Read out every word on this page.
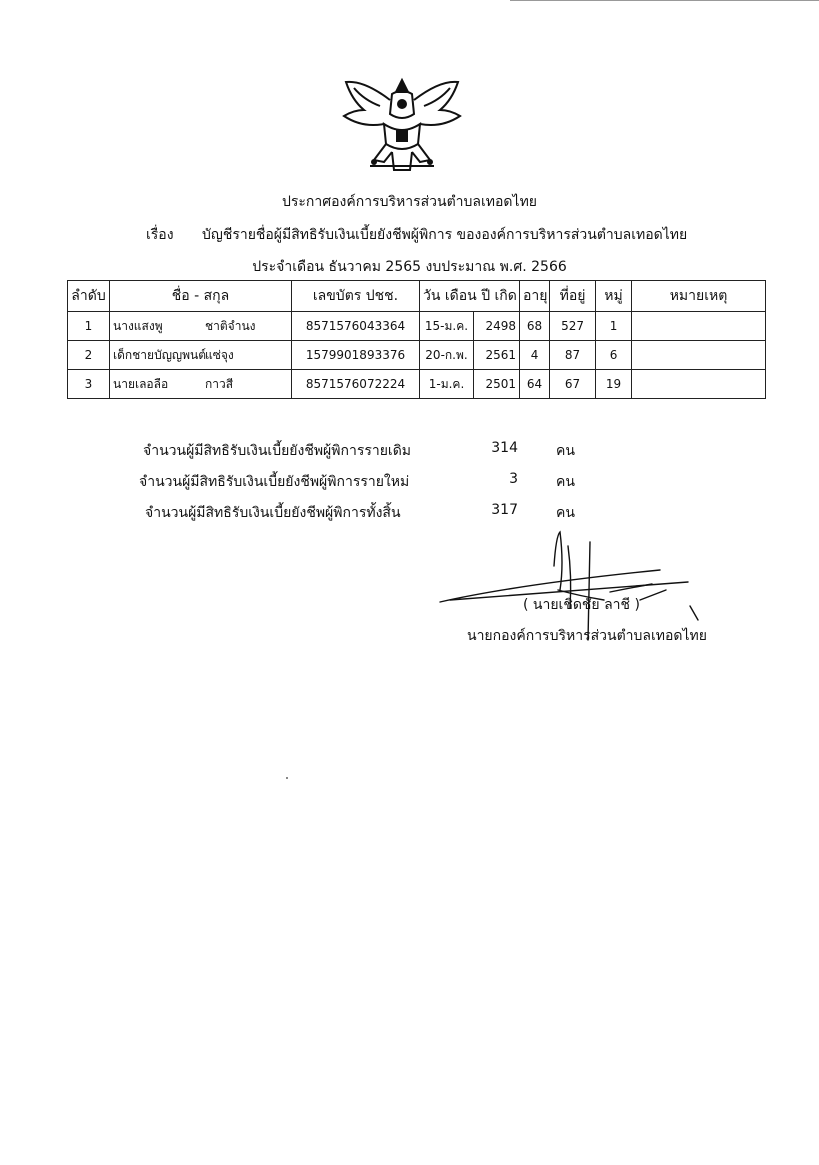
ประกาศองค์การบริหารส่วนตำบลเทอดไทย
เรื่อง บัญชีรายชื่อผู้มีสิทธิรับเงินเบี้ยยังชีพผู้พิการ ขององค์การบริหารส่วนตำบลเทอดไทย
ประจำเดือน ธันวาคม 2565 งบประมาณ พ.ศ. 2566
ลำดับ	ชื่อ - สกุล	เลขบัตร ปชช.	วัน เดือน ปี เกิด		อายุ	ที่อยู่	หมู่	หมายเหตุ
1	นางแสงพู ชาติจำนง	8571576043364	15-ม.ค.	2498	68	527	1	
2	เด็กชายบัญญพนต์แซ่จุง	1579901893376	20-ก.พ.	2561	4	87	6	
3	นายเลอลือ กาวสี	8571576072224	1-ม.ค.	2501	64	67	19	
จำนวนผู้มีสิทธิรับเงินเบี้ยยังชีพผู้พิการรายเดิม	314	คน
จำนวนผู้มีสิทธิรับเงินเบี้ยยังชีพผู้พิการรายใหม่	3	คน
จำนวนผู้มีสิทธิรับเงินเบี้ยยังชีพผู้พิการทั้งสิ้น	317	คน
( นายเชิดชัย ลาชี )
นายกองค์การบริหารส่วนตำบลเทอดไทย
